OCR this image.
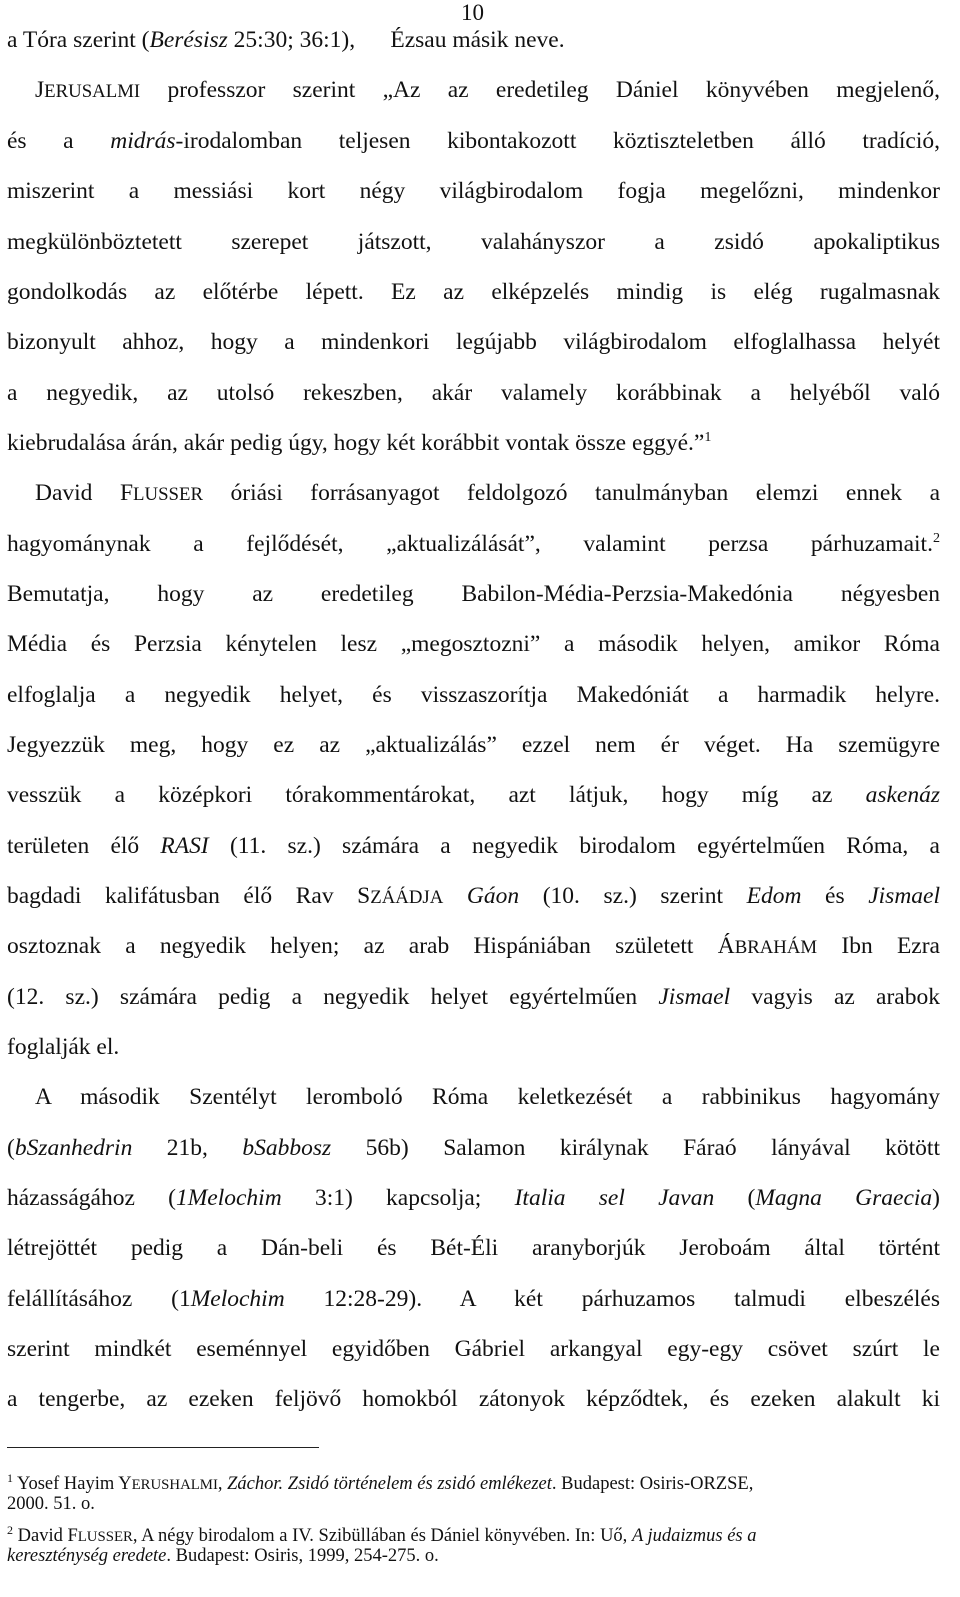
10
a Tóra szerint (Berésisz 25:30; 36:1),      Ézsau másik neve.
JERUSALMI professzor szerint „Az az eredetileg Dániel könyvében megjelenő,
és a midrás-irodalomban teljesen kibontakozott köztiszteletben álló tradíció,
miszerint a messiási kort négy világbirodalom fogja megelőzni, mindenkor
megkülönböztetett szerepet játszott, valahányszor a zsidó apokaliptikus
gondolkodás az előtérbe lépett. Ez az elképzelés mindig is elég rugalmasnak
bizonyult ahhoz, hogy a mindenkori legújabb világbirodalom elfoglalhassa helyét
a negyedik, az utolsó rekeszben, akár valamely korábbinak a helyéből való
kiebrudalása árán, akár pedig úgy, hogy két korábbit vontak össze eggyé.”$^1$
David FLUSSER óriási forrásanyagot feldolgozó tanulmányban elemzi ennek a
hagyománynak a fejlődését, „aktualizálását”, valamint perzsa párhuzamait.$^2$
Bemutatja, hogy az eredetileg Babilon-Média-Perzsia-Makedónia négyesben
Média és Perzsia kénytelen lesz „megosztozni” a második helyen, amikor Róma
elfoglalja a negyedik helyet, és visszaszorítja Makedóniát a harmadik helyre.
Jegyezzük meg, hogy ez az „aktualizálás” ezzel nem ér véget. Ha szemügyre
vesszük a középkori tórakommentárokat, azt látjuk, hogy míg az askenáz
területen élő RASI (11. sz.) számára a negyedik birodalom egyértelműen Róma, a
bagdadi kalifátusban élő Rav SZÁÁDJA Gáon (10. sz.) szerint Edom és Jismael
osztoznak a negyedik helyen; az arab Hispániában született ÁBRAHÁM Ibn Ezra
(12. sz.) számára pedig a negyedik helyet egyértelműen Jismael vagyis az arabok
foglalják el.
A második Szentélyt leromboló Róma keletkezését a rabbinikus hagyomány
(bSzanhedrin 21b, bSabbosz 56b) Salamon királynak Fáraó lányával kötött
házasságához (1Melochim 3:1) kapcsolja; Italia sel Javan (Magna Graecia)
létrejöttét pedig a Dán-beli és Bét-Éli aranyborjúk Jeroboám által történt
felállításához (1Melochim 12:28-29). A két párhuzamos talmudi elbeszélés
szerint mindkét eseménnyel egyidőben Gábriel arkangyal egy-egy csövet szúrt le
a tengerbe, az ezeken feljövő homokból zátonyok képződtek, és ezeken alakult ki
$^1$ Yosef Hayim YERUSHALMI, Záchor. Zsidó történelem és zsidó emlékezet. Budapest: Osiris-ORZSE,
2000. 51. o.
$^2$ David FLUSSER, A négy birodalom a IV. Szibüllában és Dániel könyvében. In: Uő, A judaizmus és a
kereszténység eredete. Budapest: Osiris, 1999, 254-275. o.
